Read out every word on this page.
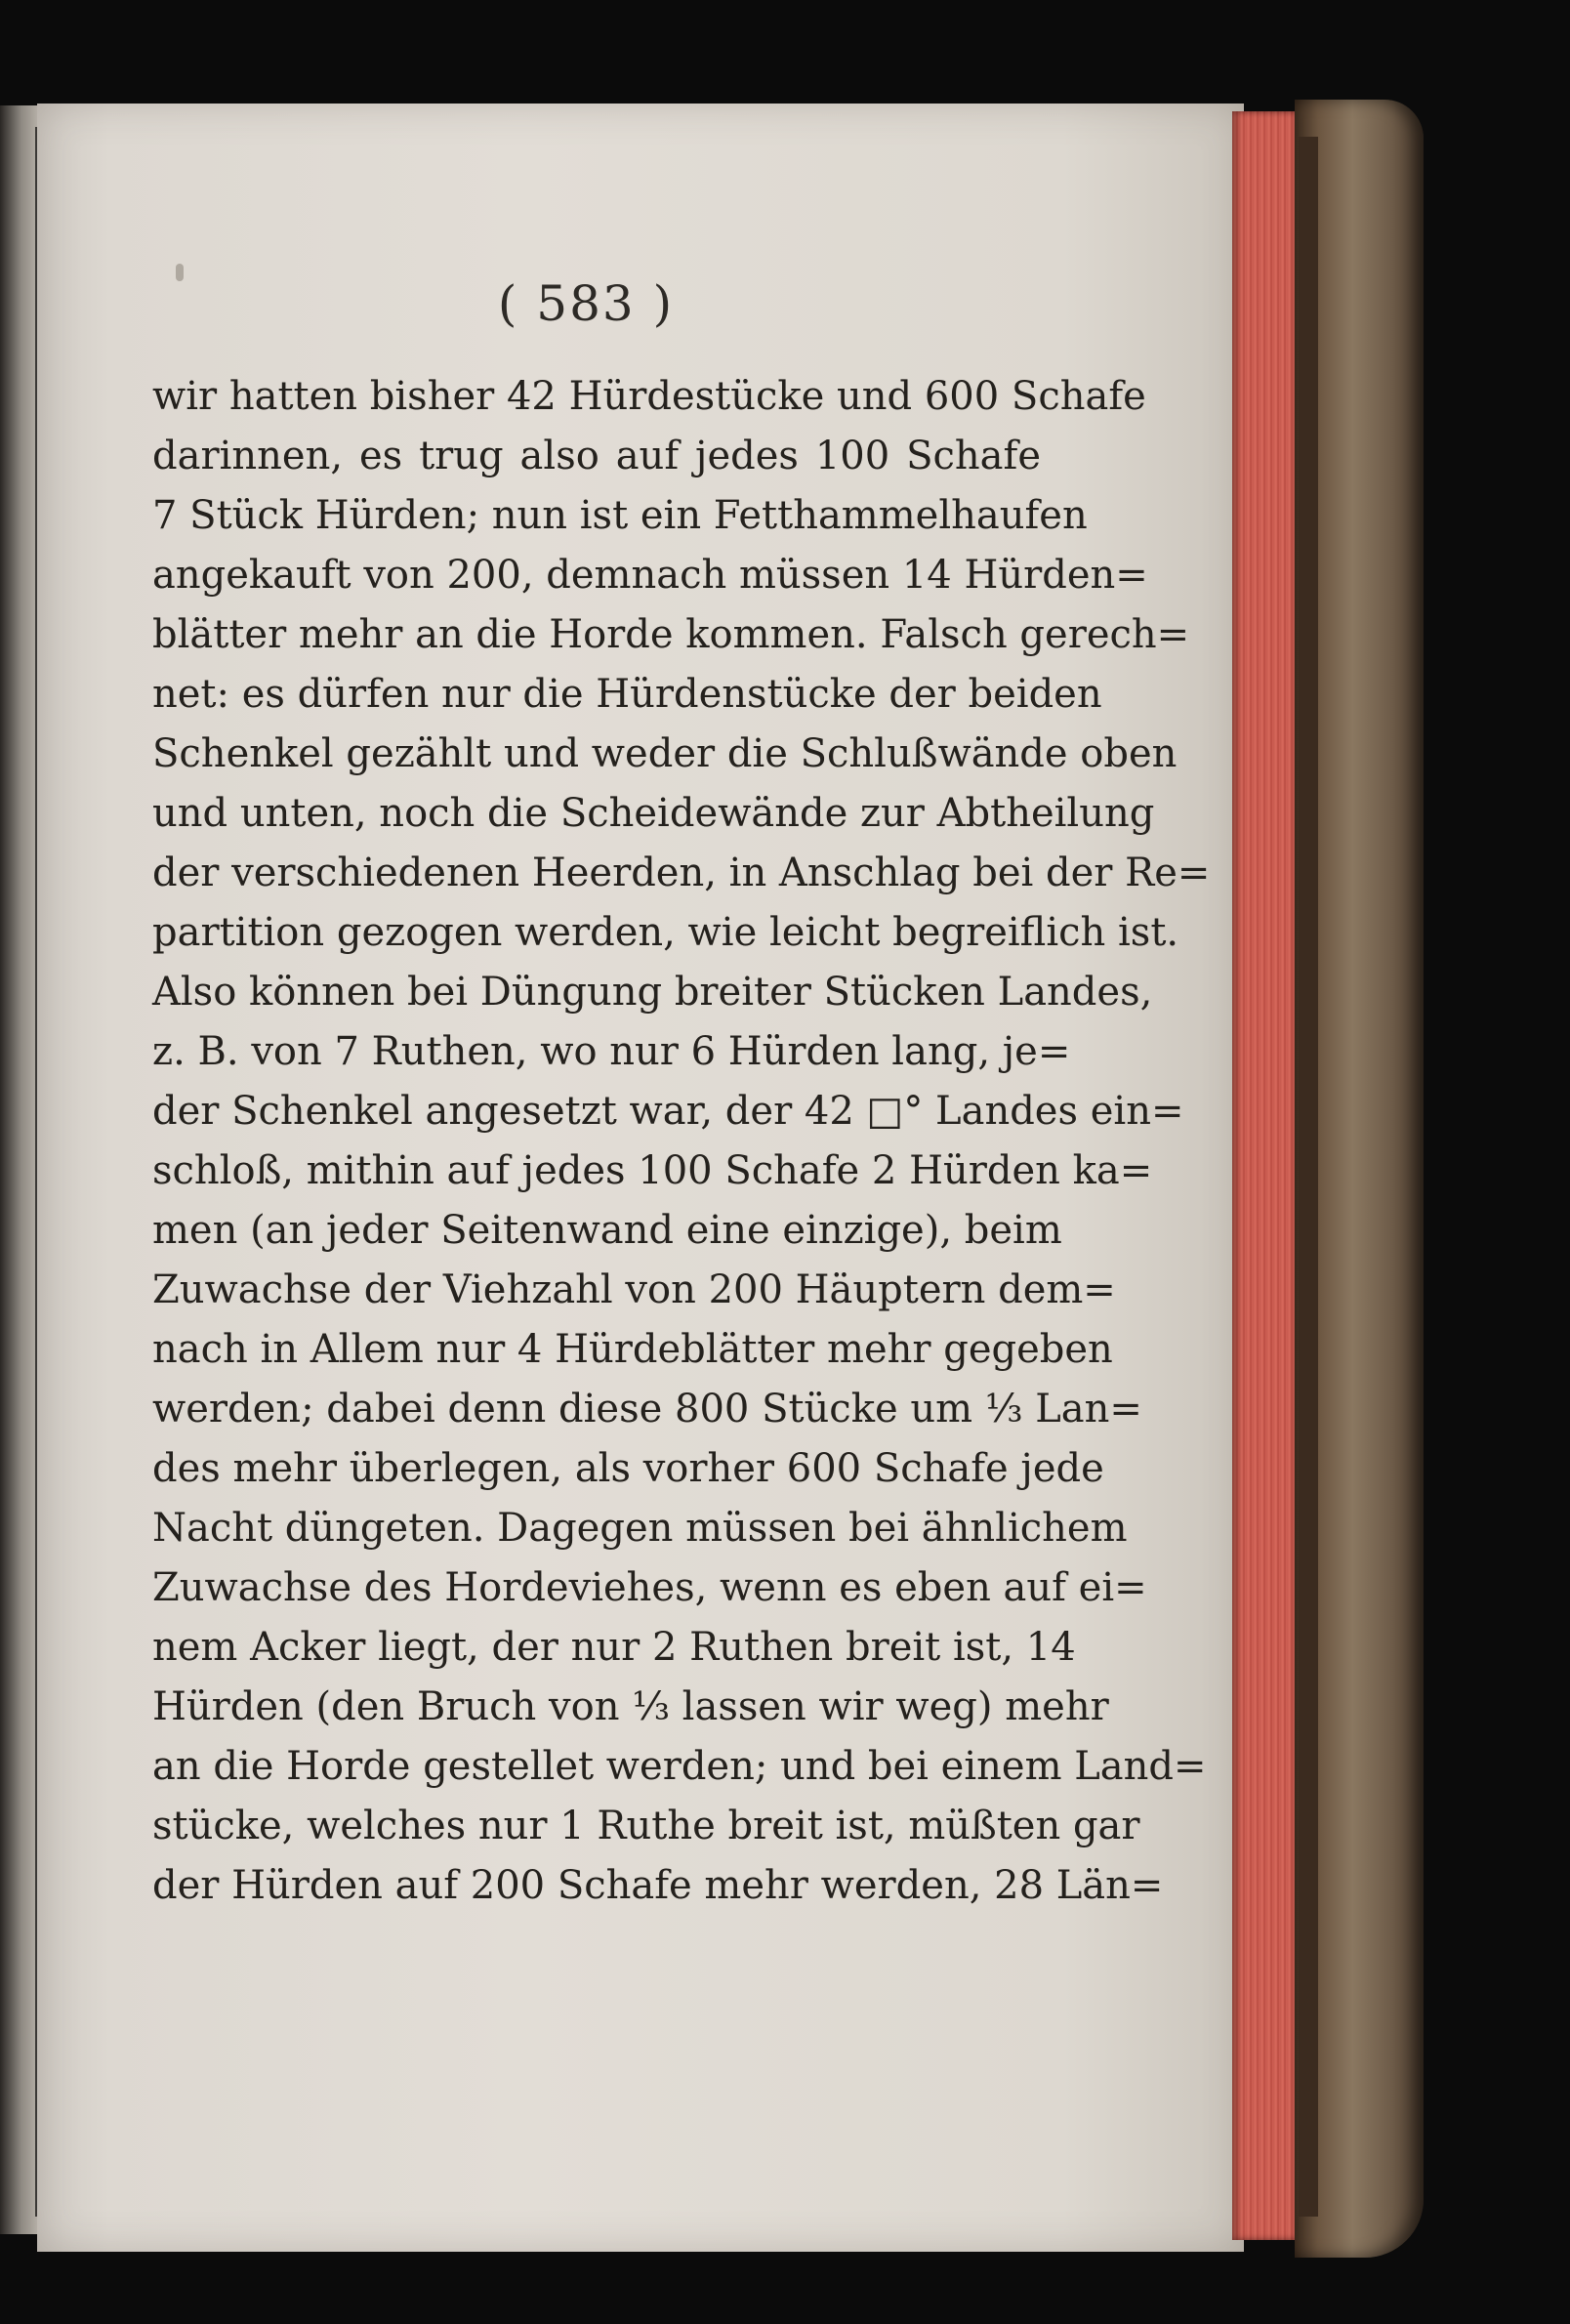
( 583 )
wir hatten bisher 42 Hürdestücke und 600 Schafe
darinnen, es trug also auf jedes 100 Schafe
7 Stück Hürden; nun ist ein Fetthammelhaufen
angekauft von 200, demnach müssen 14 Hürden=
blätter mehr an die Horde kommen. Falsch gerech=
net: es dürfen nur die Hürdenstücke der beiden
Schenkel gezählt und weder die Schlußwände oben
und unten, noch die Scheidewände zur Abtheilung
der verschiedenen Heerden, in Anschlag bei der Re=
partition gezogen werden, wie leicht begreiflich ist.
Also können bei Düngung breiter Stücken Landes,
z. B. von 7 Ruthen, wo nur 6 Hürden lang, je=
der Schenkel angesetzt war, der 42 □° Landes ein=
schloß, mithin auf jedes 100 Schafe 2 Hürden ka=
men (an jeder Seitenwand eine einzige), beim
Zuwachse der Viehzahl von 200 Häuptern dem=
nach in Allem nur 4 Hürdeblätter mehr gegeben
werden; dabei denn diese 800 Stücke um ⅓ Lan=
des mehr überlegen, als vorher 600 Schafe jede
Nacht düngeten. Dagegen müssen bei ähnlichem
Zuwachse des Hordeviehes, wenn es eben auf ei=
nem Acker liegt, der nur 2 Ruthen breit ist, 14
Hürden (den Bruch von ⅓ lassen wir weg) mehr
an die Horde gestellet werden; und bei einem Land=
stücke, welches nur 1 Ruthe breit ist, müßten gar
der Hürden auf 200 Schafe mehr werden, 28 Län=
